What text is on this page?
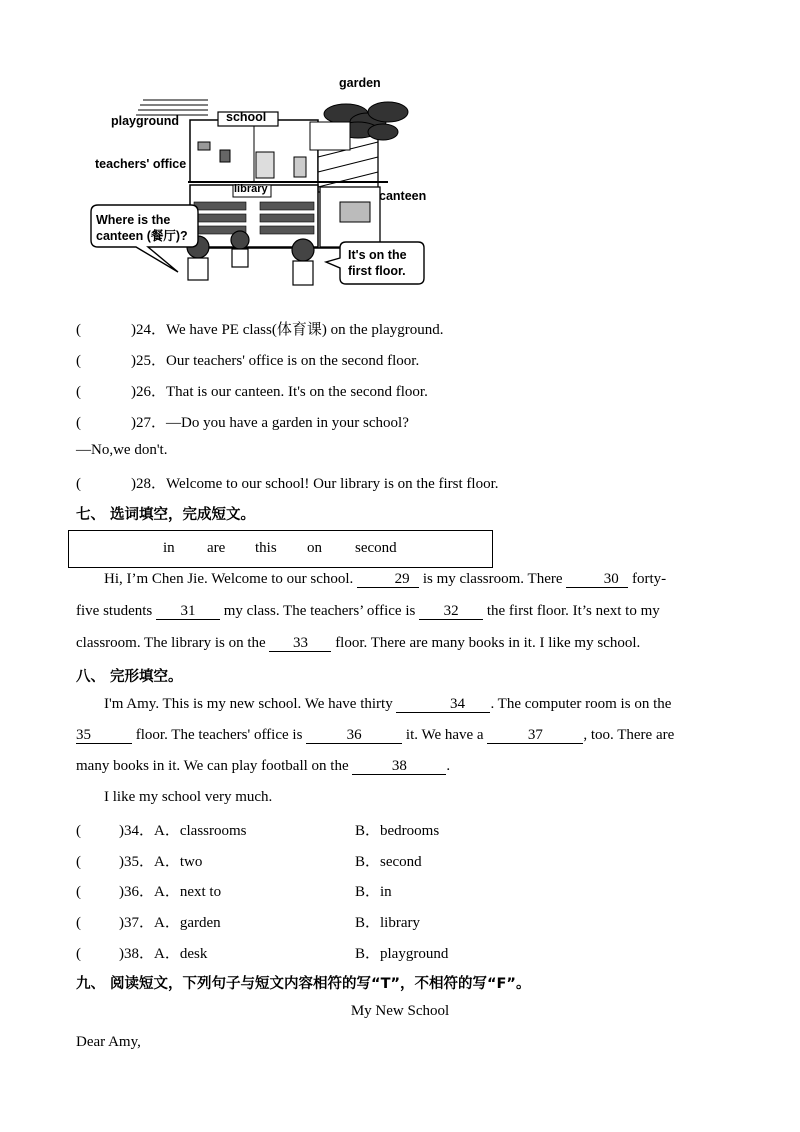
garden
playground	school
teachers' office
library	canteen
Where is the
canteen (餐厅)?
It's on the
first floor.
(	)24．We have PE class(体育课) on the playground.
(	)25．Our teachers' office is on the second floor.
(	)26．That is our canteen. It's on the second floor.
(	)27．—Do you have a garden in your school?
—No,we don't.
(	)28．Welcome to our school! Our library is on the first floor.
七、 选词填空，完成短文。
in are this on second
Hi, I’m Chen Jie. Welcome to our school.	29 is my classroom. There	30 forty-
five students 31 my class. The teachers’ office is 32 the first floor. It’s next to my
classroom. The library is on the 33 floor. There are many books in it. I like my school.
八、 完形填空。
I'm Amy. This is my new school. We have thirty	34 . The computer room is on the
35	floor. The teachers' office is	36	it. We have a	37	, too. There are
many books in it. We can play football on the	38	.
I like my school very much.
(	)34．A．classrooms	B．bedrooms
(	)35．A．two	B．second
(	)36．A．next to	B．in
(	)37．A．garden	B．library
(	)38．A．desk	B．playground
九、 阅读短文，下列句子与短文内容相符的写“T”，不相符的写“F”。
My New School
Dear Amy,
